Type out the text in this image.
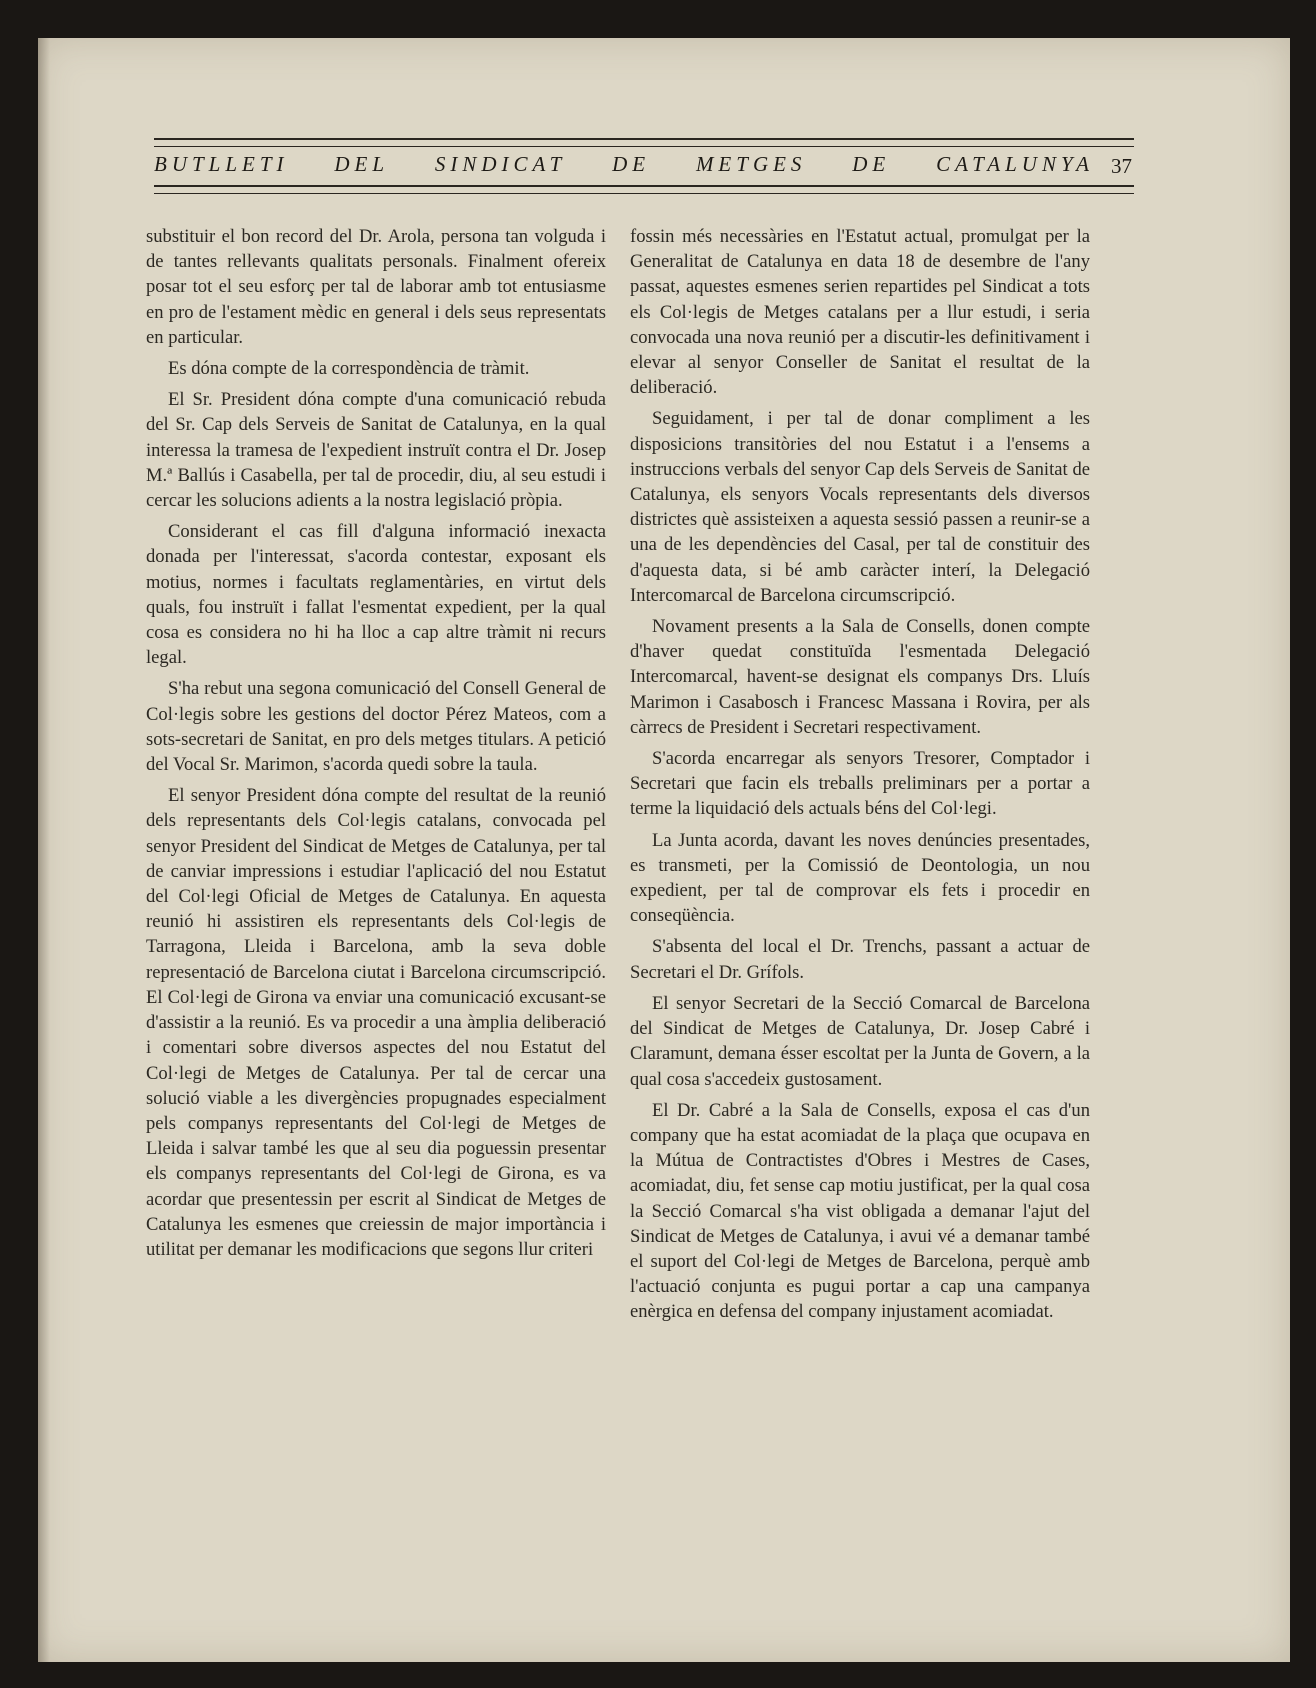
BUTLLETI DEL SINDICAT DE METGES DE CATALUNYA 37

substituir el bon record del Dr. Arola, persona tan volguda i de tantes rellevants qualitats personals. Finalment ofereix posar tot el seu esforç per tal de laborar amb tot entusiasme en pro de l'estament mèdic en general i dels seus representats en particular.

Es dóna compte de la correspondència de tràmit.

El Sr. President dóna compte d'una comunicació rebuda del Sr. Cap dels Serveis de Sanitat de Catalunya, en la qual interessa la tramesa de l'expedient instruït contra el Dr. Josep M.ª Ballús i Casabella, per tal de procedir, diu, al seu estudi i cercar les solucions adients a la nostra legislació pròpia.

Considerant el cas fill d'alguna informació inexacta donada per l'interessat, s'acorda contestar, exposant els motius, normes i facultats reglamentàries, en virtut dels quals, fou instruït i fallat l'esmentat expedient, per la qual cosa es considera no hi ha lloc a cap altre tràmit ni recurs legal.

S'ha rebut una segona comunicació del Consell General de Col·legis sobre les gestions del doctor Pérez Mateos, com a sots-secretari de Sanitat, en pro dels metges titulars. A petició del Vocal Sr. Marimon, s'acorda quedi sobre la taula.

El senyor President dóna compte del resultat de la reunió dels representants dels Col·legis catalans, convocada pel senyor President del Sindicat de Metges de Catalunya, per tal de canviar impressions i estudiar l'aplicació del nou Estatut del Col·legi Oficial de Metges de Catalunya. En aquesta reunió hi assistiren els representants dels Col·legis de Tarragona, Lleida i Barcelona, amb la seva doble representació de Barcelona ciutat i Barcelona circumscripció. El Col·legi de Girona va enviar una comunicació excusant-se d'assistir a la reunió. Es va procedir a una àmplia deliberació i comentari sobre diversos aspectes del nou Estatut del Col·legi de Metges de Catalunya. Per tal de cercar una solució viable a les divergències propugnades especialment pels companys representants del Col·legi de Metges de Lleida i salvar també les que al seu dia poguessin presentar els companys representants del Col·legi de Girona, es va acordar que presentessin per escrit al Sindicat de Metges de Catalunya les esmenes que creiessin de major importància i utilitat per demanar les modificacions que segons llur criteri

fossin més necessàries en l'Estatut actual, promulgat per la Generalitat de Catalunya en data 18 de desembre de l'any passat, aquestes esmenes serien repartides pel Sindicat a tots els Col·legis de Metges catalans per a llur estudi, i seria convocada una nova reunió per a discutir-les definitivament i elevar al senyor Conseller de Sanitat el resultat de la deliberació.

Seguidament, i per tal de donar compliment a les disposicions transitòries del nou Estatut i a l'ensems a instruccions verbals del senyor Cap dels Serveis de Sanitat de Catalunya, els senyors Vocals representants dels diversos districtes què assisteixen a aquesta sessió passen a reunir-se a una de les dependències del Casal, per tal de constituir des d'aquesta data, si bé amb caràcter interí, la Delegació Intercomarcal de Barcelona circumscripció.

Novament presents a la Sala de Consells, donen compte d'haver quedat constituïda l'esmentada Delegació Intercomarcal, havent-se designat els companys Drs. Lluís Marimon i Casabosch i Francesc Massana i Rovira, per als càrrecs de President i Secretari respectivament.

S'acorda encarregar als senyors Tresorer, Comptador i Secretari que facin els treballs preliminars per a portar a terme la liquidació dels actuals béns del Col·legi.

La Junta acorda, davant les noves denúncies presentades, es transmeti, per la Comissió de Deontologia, un nou expedient, per tal de comprovar els fets i procedir en conseqüència.

S'absenta del local el Dr. Trenchs, passant a actuar de Secretari el Dr. Grífols.

El senyor Secretari de la Secció Comarcal de Barcelona del Sindicat de Metges de Catalunya, Dr. Josep Cabré i Claramunt, demana ésser escoltat per la Junta de Govern, a la qual cosa s'accedeix gustosament.

El Dr. Cabré a la Sala de Consells, exposa el cas d'un company que ha estat acomiadat de la plaça que ocupava en la Mútua de Contractistes d'Obres i Mestres de Cases, acomiadat, diu, fet sense cap motiu justificat, per la qual cosa la Secció Comarcal s'ha vist obligada a demanar l'ajut del Sindicat de Metges de Catalunya, i avui vé a demanar també el suport del Col·legi de Metges de Barcelona, perquè amb l'actuació conjunta es pugui portar a cap una campanya enèrgica en defensa del company injustament acomiadat.
